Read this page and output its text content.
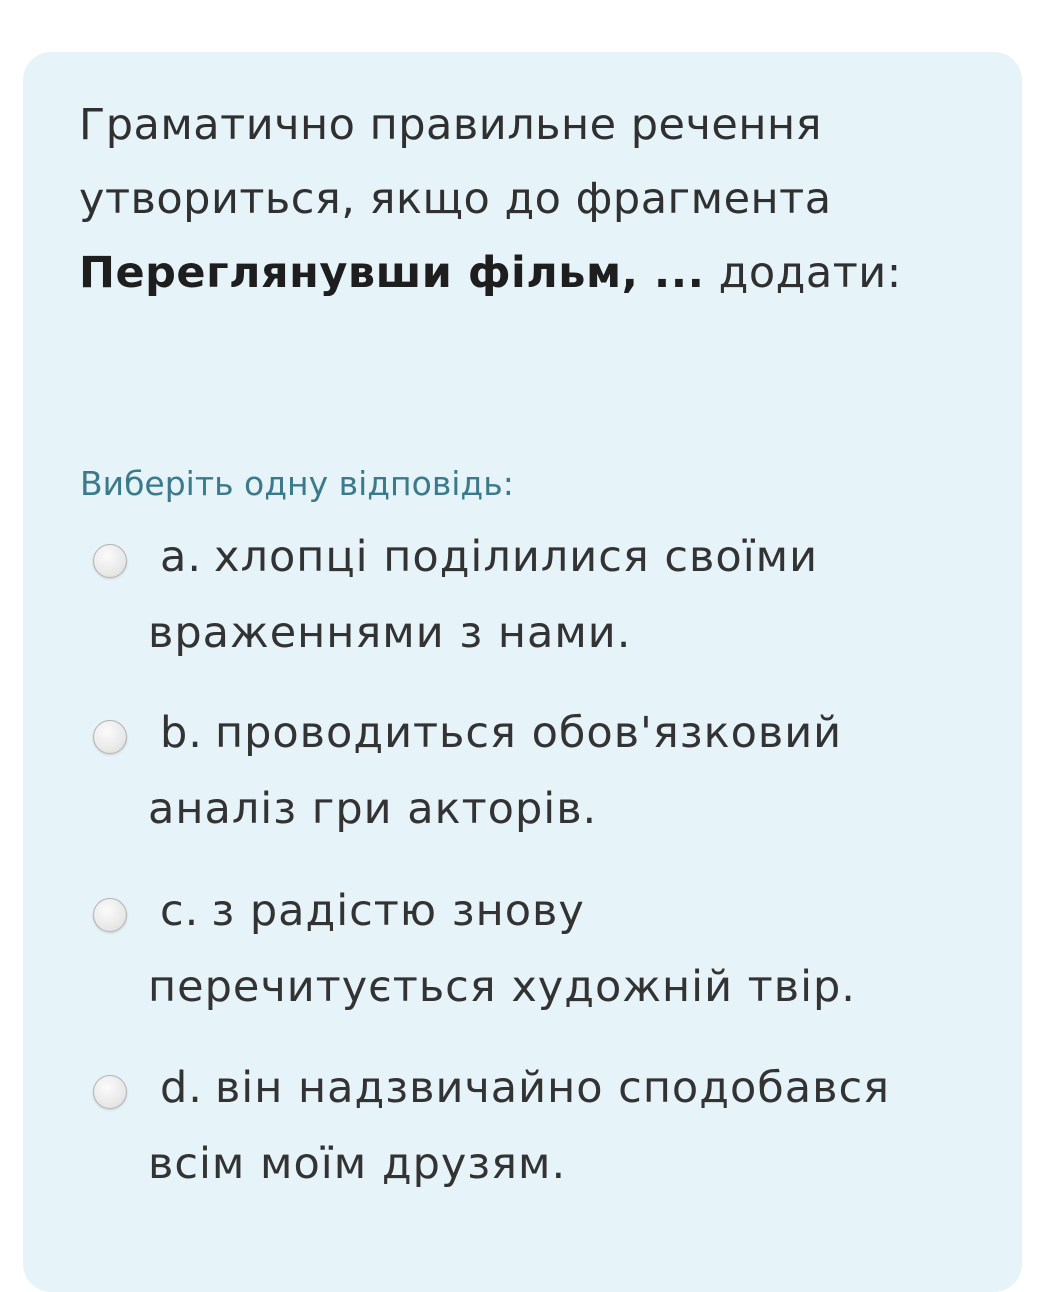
Граматично правильне речення утвориться, якщо до фрагмента Переглянувши фільм, ... додати:
Виберіть одну відповідь:
a. хлопці поділилися своїми
враженнями з нами.
b. проводиться обов'язковий
аналіз гри акторів.
c. з радістю знову
перечитується художній твір.
d. він надзвичайно сподобався
всім моїм друзям.
